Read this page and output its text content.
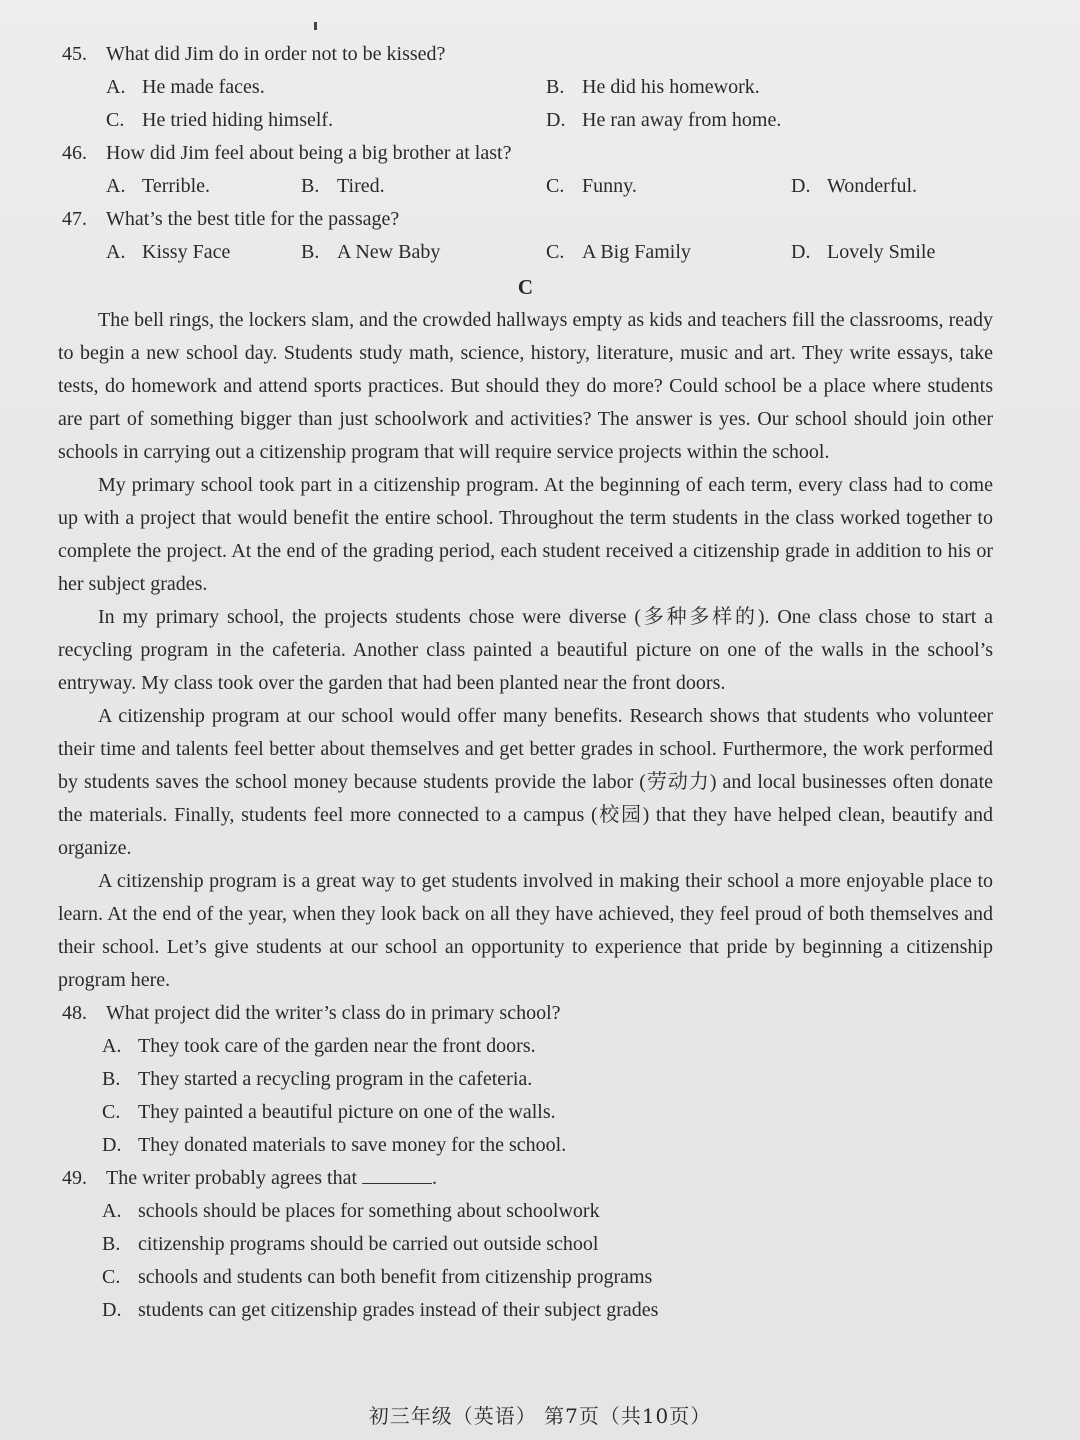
45. What did Jim do in order not to be kissed?
A. He made faces.	B. He did his homework.
C. He tried hiding himself.	D. He ran away from home.
46. How did Jim feel about being a big brother at last?
A. Terrible.	B. Tired.	C. Funny.	D. Wonderful.
47. What’s the best title for the passage?
A. Kissy Face	B. A New Baby	C. A Big Family	D. Lovely Smile
C

The bell rings, the lockers slam, and the crowded hallways empty as kids and teachers fill the classrooms, ready to begin a new school day. Students study math, science, history, literature, music and art. They write essays, take tests, do homework and attend sports practices. But should they do more? Could school be a place where students are part of something bigger than just schoolwork and activities? The answer is yes. Our school should join other schools in carrying out a citizenship program that will require service projects within the school.

My primary school took part in a citizenship program. At the beginning of each term, every class had to come up with a project that would benefit the entire school. Throughout the term students in the class worked together to complete the project. At the end of the grading period, each student received a citizenship grade in addition to his or her subject grades.

In my primary school, the projects students chose were diverse (多种多样的). One class chose to start a recycling program in the cafeteria. Another class painted a beautiful picture on one of the walls in the school’s entryway. My class took over the garden that had been planted near the front doors.

A citizenship program at our school would offer many benefits. Research shows that students who volunteer their time and talents feel better about themselves and get better grades in school. Furthermore, the work performed by students saves the school money because students provide the labor (劳动力) and local businesses often donate the materials. Finally, students feel more connected to a campus (校园) that they have helped clean, beautify and organize.

A citizenship program is a great way to get students involved in making their school a more enjoyable place to learn. At the end of the year, when they look back on all they have achieved, they feel proud of both themselves and their school. Let’s give students at our school an opportunity to experience that pride by beginning a citizenship program here.

48. What project did the writer’s class do in primary school?
A. They took care of the garden near the front doors.
B. They started a recycling program in the cafeteria.
C. They painted a beautiful picture on one of the walls.
D. They donated materials to save money for the school.
49. The writer probably agrees that	.
A. schools should be places for something about schoolwork
B. citizenship programs should be carried out outside school
C. schools and students can both benefit from citizenship programs
D. students can get citizenship grades instead of their subject grades
初三年级（英语） 第7页（共10页）
